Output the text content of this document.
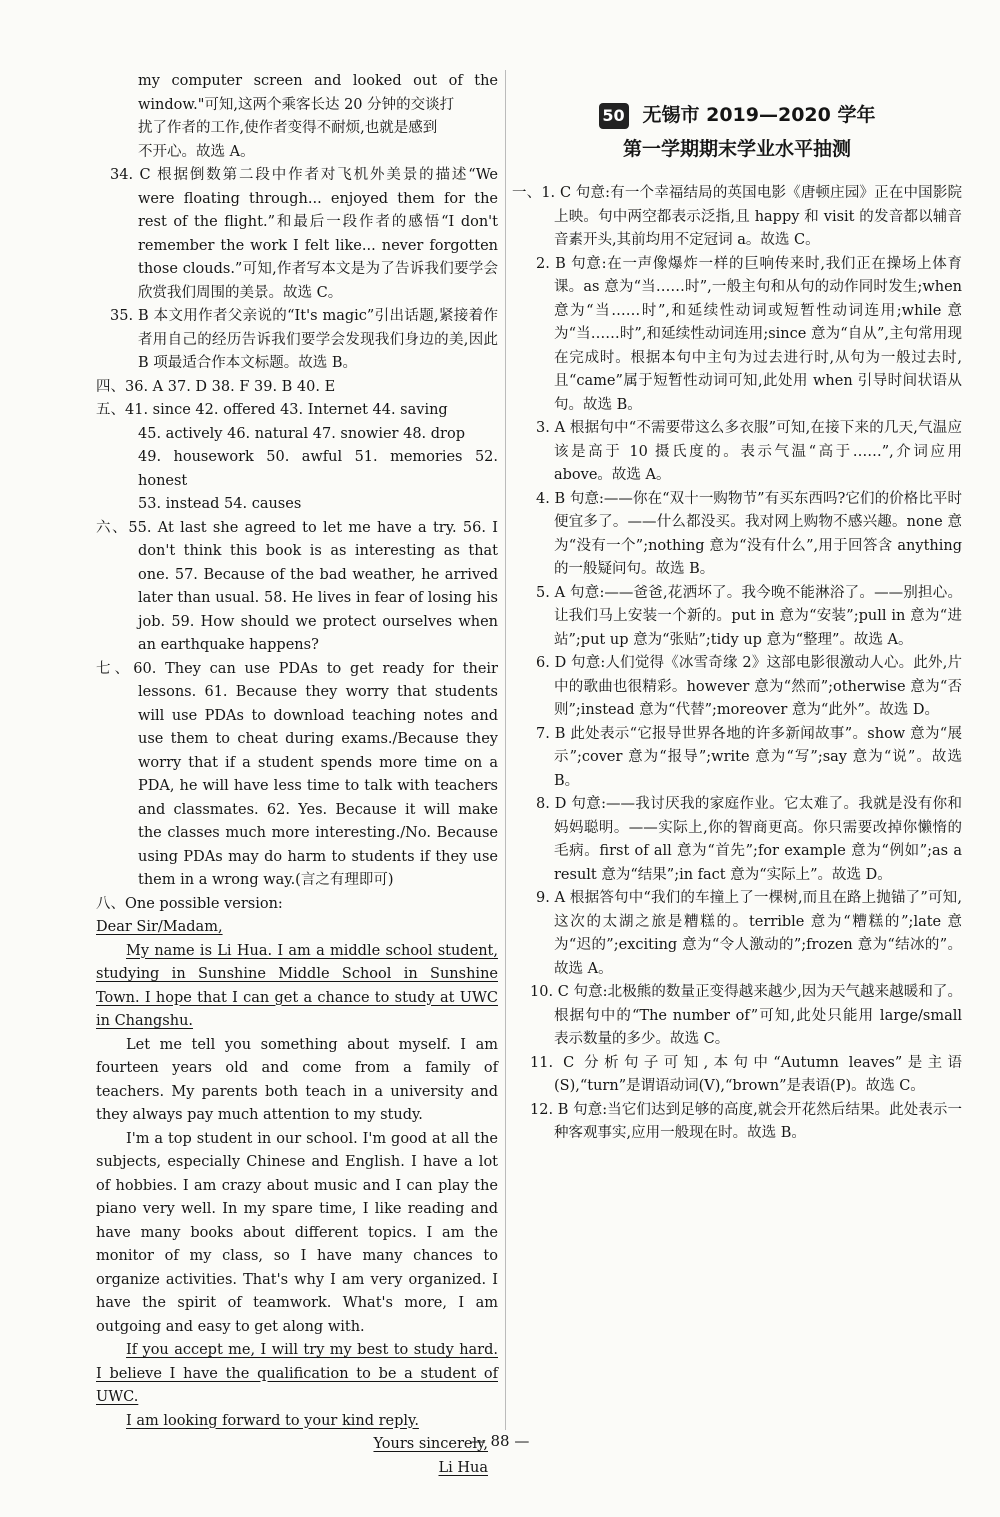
my computer screen and looked out of the

window."可知,这两个乘客长达 20 分钟的交谈打

扰了作者的工作,使作者变得不耐烦,也就是感到

不开心。故选 A。

34. C 根据倒数第二段中作者对飞机外美景的描述“We were floating through... enjoyed them for the rest of the flight.”和最后一段作者的感悟“I don't remember the work I felt like... never forgotten those clouds.”可知,作者写本文是为了告诉我们要学会欣赏我们周围的美景。故选 C。

35. B 本文用作者父亲说的“It's magic”引出话题,紧接着作者用自己的经历告诉我们要学会发现我们身边的美,因此 B 项最适合作本文标题。故选 B。

四、36. A 37. D 38. F 39. B 40. E

五、41. since 42. offered 43. Internet 44. saving

45. actively 46. natural 47. snowier 48. drop

49. housework 50. awful 51. memories 52. honest

53. instead 54. causes

六、55. At last she agreed to let me have a try. 56. I don't think this book is as interesting as that one. 57. Because of the bad weather, he arrived later than usual. 58. He lives in fear of losing his job. 59. How should we protect ourselves when an earthquake happens?

七、60. They can use PDAs to get ready for their lessons. 61. Because they worry that students will use PDAs to download teaching notes and use them to cheat during exams./Because they worry that if a student spends more time on a PDA, he will have less time to talk with teachers and classmates. 62. Yes. Because it will make the classes much more interesting./No. Because using PDAs may do harm to students if they use them in a wrong way.(言之有理即可)

八、One possible version:

Dear Sir/Madam,

My name is Li Hua. I am a middle school student, studying in Sunshine Middle School in Sunshine Town. I hope that I can get a chance to study at UWC in Changshu.

Let me tell you something about myself. I am fourteen years old and come from a family of teachers. My parents both teach in a university and they always pay much attention to my study.

I'm a top student in our school. I'm good at all the subjects, especially Chinese and English. I have a lot of hobbies. I am crazy about music and I can play the piano very well. In my spare time, I like reading and have many books about different topics. I am the monitor of my class, so I have many chances to organize activities. That's why I am very organized. I have the spirit of teamwork. What's more, I am outgoing and easy to get along with.

If you accept me, I will try my best to study hard. I believe I have the qualification to be a student of UWC.

I am looking forward to your kind reply.

Yours sincerely,

Li Hua

50 无锡市 2019—2020 学年
第一学期期末学业水平抽测

一、1. C 句意:有一个幸福结局的英国电影《唐顿庄园》正在中国影院上映。句中两空都表示泛指,且 happy 和 visit 的发音都以辅音音素开头,其前均用不定冠词 a。故选 C。

2. B 句意:在一声像爆炸一样的巨响传来时,我们正在操场上体育课。as 意为“当……时”,一般主句和从句的动作同时发生;when 意为“当……时”,和延续性动词或短暂性动词连用;while 意为“当……时”,和延续性动词连用;since 意为“自从”,主句常用现在完成时。根据本句中主句为过去进行时,从句为一般过去时,且“came”属于短暂性动词可知,此处用 when 引导时间状语从句。故选 B。

3. A 根据句中“不需要带这么多衣服”可知,在接下来的几天,气温应该是高于 10 摄氏度的。表示气温“高于……”,介词应用 above。故选 A。

4. B 句意:——你在“双十一购物节”有买东西吗?它们的价格比平时便宜多了。——什么都没买。我对网上购物不感兴趣。none 意为“没有一个”;nothing 意为“没有什么”,用于回答含 anything 的一般疑问句。故选 B。

5. A 句意:——爸爸,花洒坏了。我今晚不能淋浴了。——别担心。让我们马上安装一个新的。put in 意为“安装”;pull in 意为“进站”;put up 意为“张贴”;tidy up 意为“整理”。故选 A。

6. D 句意:人们觉得《冰雪奇缘 2》这部电影很激动人心。此外,片中的歌曲也很精彩。however 意为“然而”;otherwise 意为“否则”;instead 意为“代替”;moreover 意为“此外”。故选 D。

7. B 此处表示“它报导世界各地的许多新闻故事”。show 意为“展示”;cover 意为“报导”;write 意为“写”;say 意为“说”。故选 B。

8. D 句意:——我讨厌我的家庭作业。它太难了。我就是没有你和妈妈聪明。——实际上,你的智商更高。你只需要改掉你懒惰的毛病。first of all 意为“首先”;for example 意为“例如”;as a result 意为“结果”;in fact 意为“实际上”。故选 D。

9. A 根据答句中“我们的车撞上了一棵树,而且在路上抛锚了”可知,这次的太湖之旅是糟糕的。terrible 意为“糟糕的”;late 意为“迟的”;exciting 意为“令人激动的”;frozen 意为“结冰的”。故选 A。

10. C 句意:北极熊的数量正变得越来越少,因为天气越来越暖和了。根据句中的“The number of”可知,此处只能用 large/small 表示数量的多少。故选 C。

11. C 分析句子可知,本句中“Autumn leaves”是主语(S),“turn”是谓语动词(V),“brown”是表语(P)。故选 C。

12. B 句意:当它们达到足够的高度,就会开花然后结果。此处表示一种客观事实,应用一般现在时。故选 B。

— 88 —
